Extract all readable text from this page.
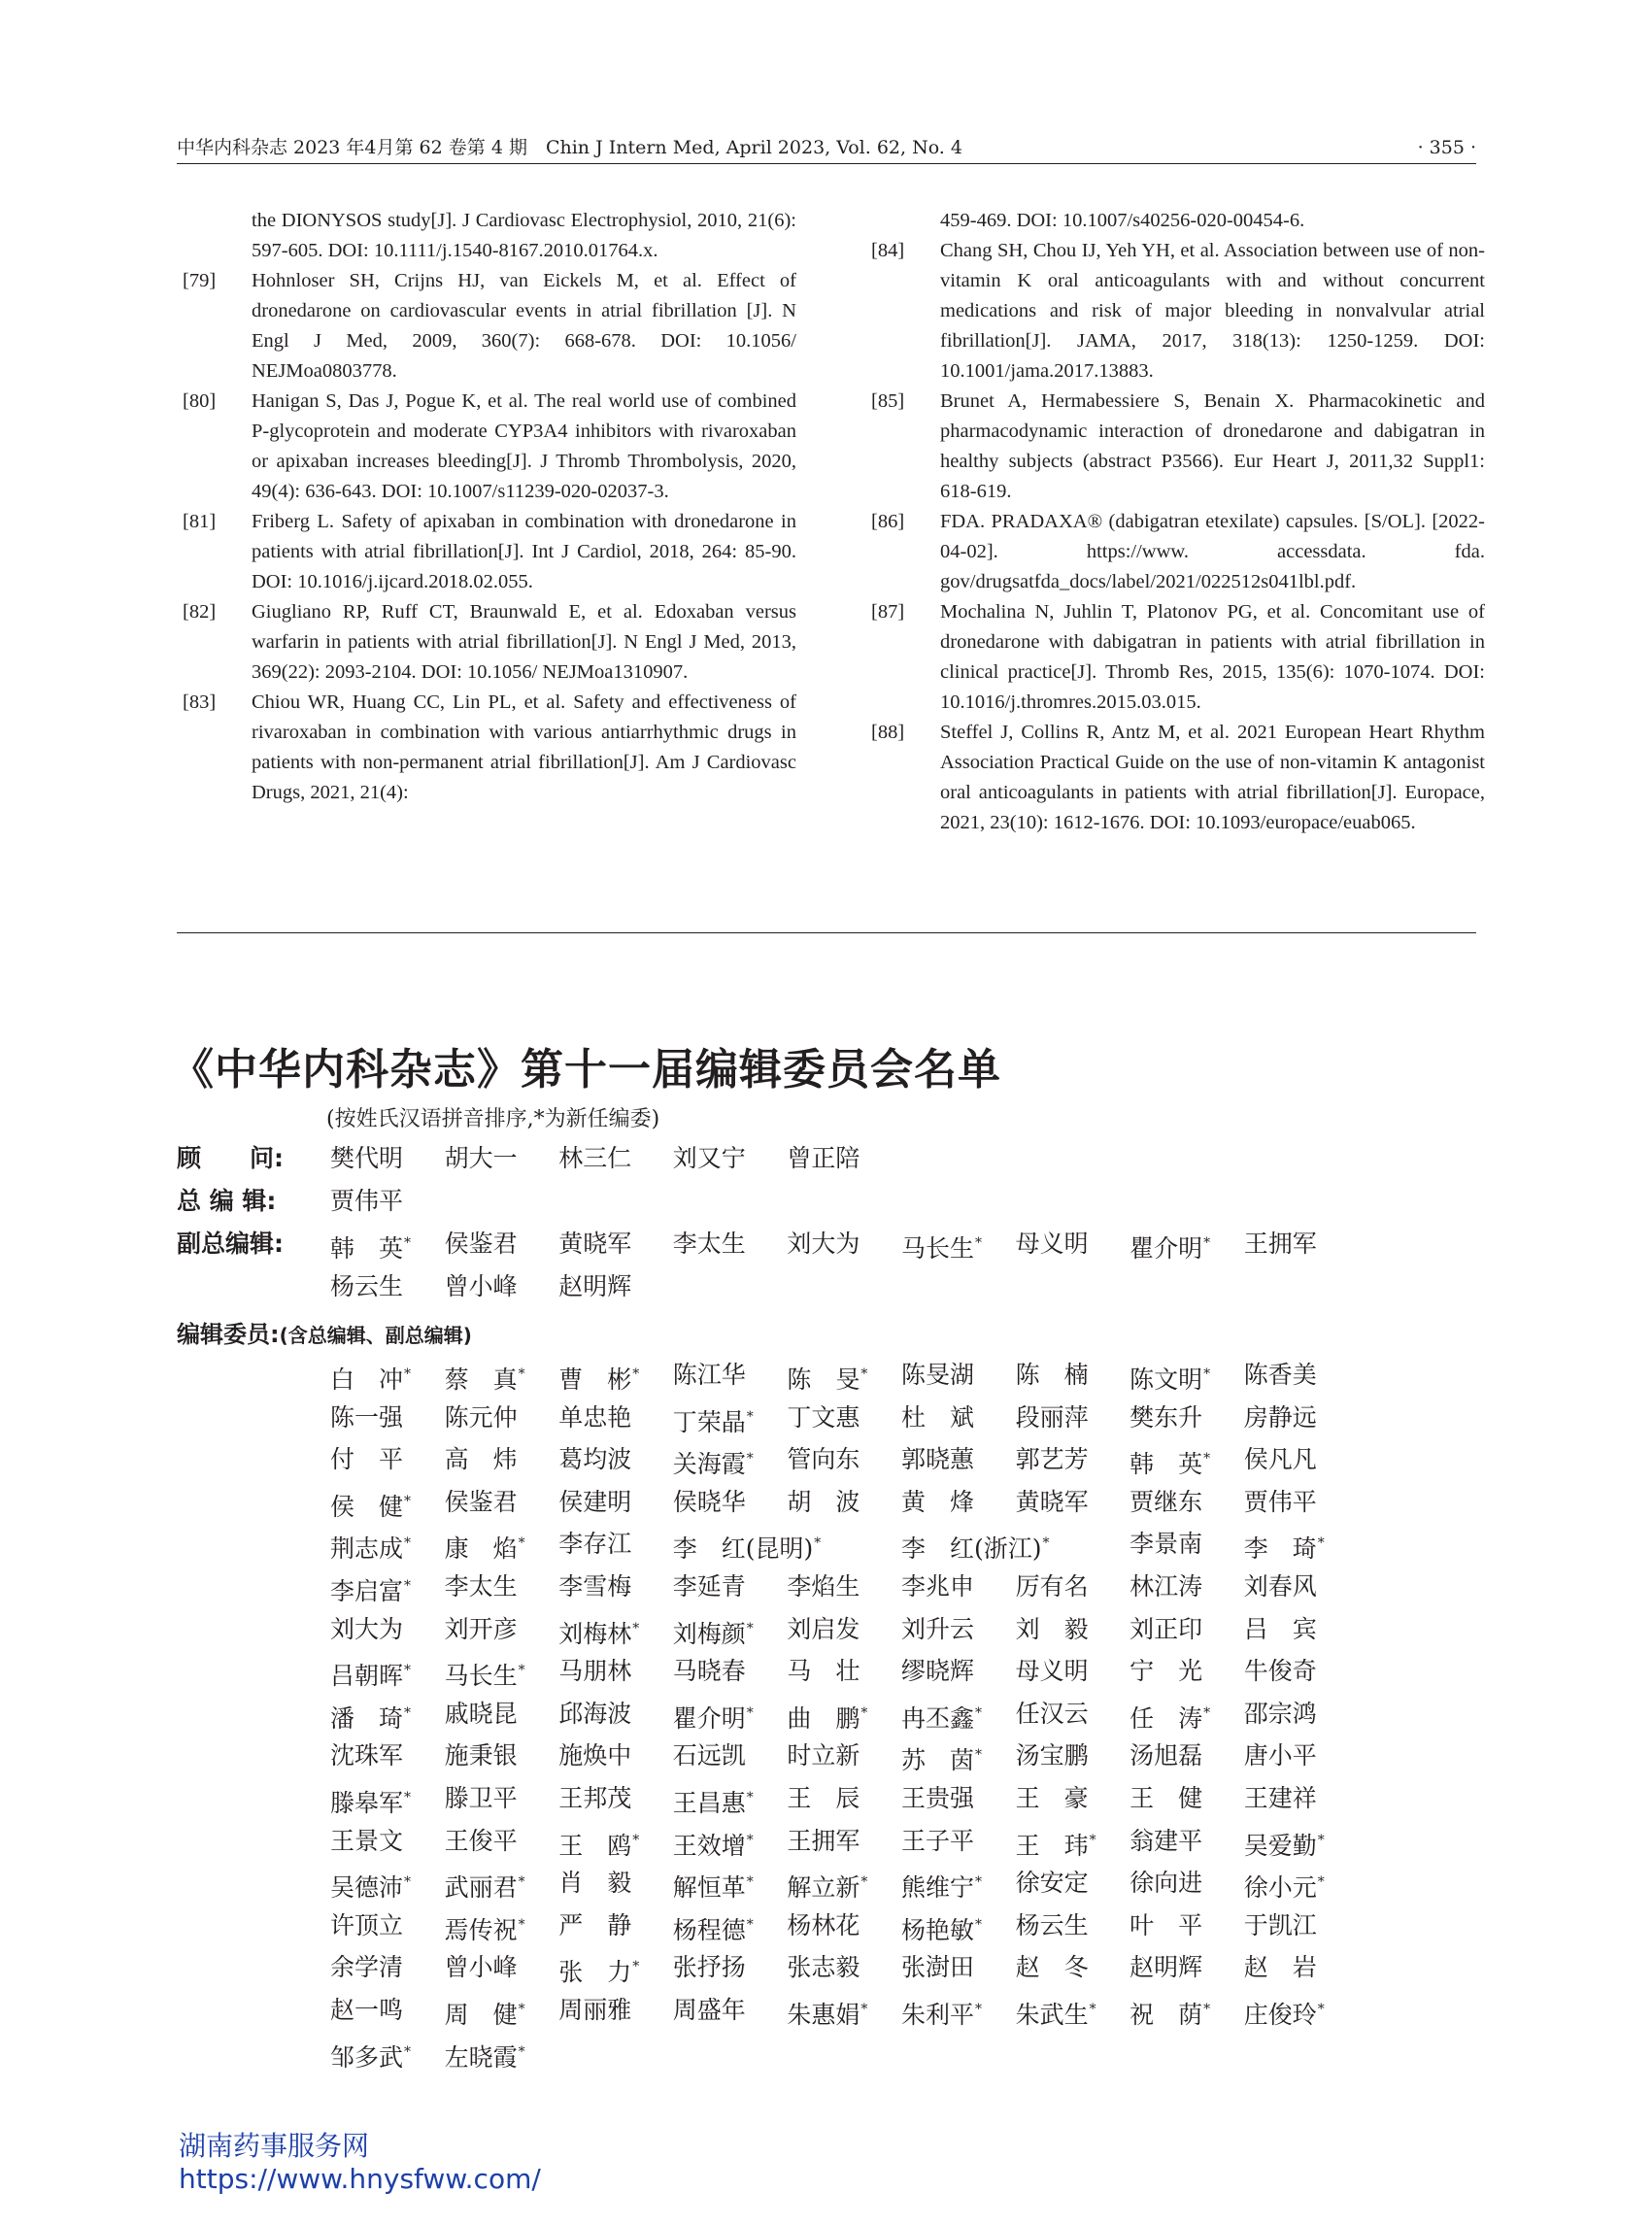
中华内科杂志 2023 年4月第 62 卷第 4 期　Chin J Intern Med, April 2023, Vol. 62, No. 4	· 355 ·
the DIONYSOS study[J]. J Cardiovasc Electrophysiol, 2010, 21(6): 597-605. DOI: 10.1111/j.1540-8167.2010.01764.x.
[79] Hohnloser SH, Crijns HJ, van Eickels M, et al. Effect of dronedarone on cardiovascular events in atrial fibrillation [J]. N Engl J Med, 2009, 360(7): 668-678. DOI: 10.1056/ NEJMoa0803778.
[80] Hanigan S, Das J, Pogue K, et al. The real world use of combined P-glycoprotein and moderate CYP3A4 inhibitors with rivaroxaban or apixaban increases bleeding[J]. J Thromb Thrombolysis, 2020, 49(4): 636-643. DOI: 10.1007/s11239-020-02037-3.
[81] Friberg L. Safety of apixaban in combination with dronedarone in patients with atrial fibrillation[J]. Int J Cardiol, 2018, 264: 85-90. DOI: 10.1016/j.ijcard.2018.02.055.
[82] Giugliano RP, Ruff CT, Braunwald E, et al. Edoxaban versus warfarin in patients with atrial fibrillation[J]. N Engl J Med, 2013, 369(22): 2093-2104. DOI: 10.1056/ NEJMoa1310907.
[83] Chiou WR, Huang CC, Lin PL, et al. Safety and effectiveness of rivaroxaban in combination with various antiarrhythmic drugs in patients with non-permanent atrial fibrillation[J]. Am J Cardiovasc Drugs, 2021, 21(4):
459-469. DOI: 10.1007/s40256-020-00454-6.
[84] Chang SH, Chou IJ, Yeh YH, et al. Association between use of non-vitamin K oral anticoagulants with and without concurrent medications and risk of major bleeding in nonvalvular atrial fibrillation[J]. JAMA, 2017, 318(13): 1250-1259. DOI: 10.1001/jama.2017.13883.
[85] Brunet A, Hermabessiere S, Benain X. Pharmacokinetic and pharmacodynamic interaction of dronedarone and dabigatran in healthy subjects (abstract P3566). Eur Heart J, 2011,32 Suppl1: 618-619.
[86] FDA. PRADAXA® (dabigatran etexilate) capsules. [S/OL]. [2022-04-02]. https://www. accessdata. fda. gov/drugsatfda_docs/label/2021/022512s041lbl.pdf.
[87] Mochalina N, Juhlin T, Platonov PG, et al. Concomitant use of dronedarone with dabigatran in patients with atrial fibrillation in clinical practice[J]. Thromb Res, 2015, 135(6): 1070-1074. DOI: 10.1016/j.thromres.2015.03.015.
[88] Steffel J, Collins R, Antz M, et al. 2021 European Heart Rhythm Association Practical Guide on the use of non-vitamin K antagonist oral anticoagulants in patients with atrial fibrillation[J]. Europace, 2021, 23(10): 1612-1676. DOI: 10.1093/europace/euab065.
《中华内科杂志》第十一届编辑委员会名单
(按姓氏汉语拼音排序,*为新任编委)
顾　　问:	樊代明	胡大一	林三仁	刘又宁	曾正陪
总 编 辑:	贾伟平
副总编辑:	韩　英*	侯鉴君	黄晓军	李太生	刘大为	马长生*	母义明	瞿介明*	王拥军
杨云生	曾小峰	赵明辉
编辑委员:(含总编辑、副总编辑)
白　冲*	蔡　真*	曹　彬*	陈江华	陈　旻*	陈旻湖	陈　楠	陈文明*	陈香美
陈一强	陈元仲	单忠艳	丁荣晶*	丁文惠	杜　斌	段丽萍	樊东升	房静远
付　平	高　炜	葛均波	关海霞*	管向东	郭晓蕙	郭艺芳	韩　英*	侯凡凡
侯　健*	侯鉴君	侯建明	侯晓华	胡　波	黄　烽	黄晓军	贾继东	贾伟平
荆志成*	康　焰*	李存江	李　红(昆明)*	李　红(浙江)*	李景南	李　琦*
李启富*	李太生	李雪梅	李延青	李焰生	李兆申	厉有名	林江涛	刘春风
刘大为	刘开彦	刘梅林*	刘梅颜*	刘启发	刘升云	刘　毅	刘正印	吕　宾
吕朝晖*	马长生*	马朋林	马晓春	马　壮	缪晓辉	母义明	宁　光	牛俊奇
潘　琦*	戚晓昆	邱海波	瞿介明*	曲　鹏*	冉丕鑫*	任汉云	任　涛*	邵宗鸿
沈珠军	施秉银	施焕中	石远凯	时立新	苏　茵*	汤宝鹏	汤旭磊	唐小平
滕皋军*	滕卫平	王邦茂	王昌惠*	王　辰	王贵强	王　豪	王　健	王建祥
王景文	王俊平	王　鸥*	王效增*	王拥军	王子平	王　玮*	翁建平	吴爱勤*
吴德沛*	武丽君*	肖　毅	解恒革*	解立新*	熊维宁*	徐安定	徐向进	徐小元*
许顶立	焉传祝*	严　静	杨程德*	杨林花	杨艳敏*	杨云生	叶　平	于凯江
余学清	曾小峰	张　力*	张抒扬	张志毅	张澍田	赵　冬	赵明辉	赵　岩
赵一鸣	周　健*	周丽雅	周盛年	朱惠娟*	朱利平*	朱武生*	祝　荫*	庄俊玲*
邹多武*	左晓霞*
湖南药事服务网
https://www.hnysfww.com/
